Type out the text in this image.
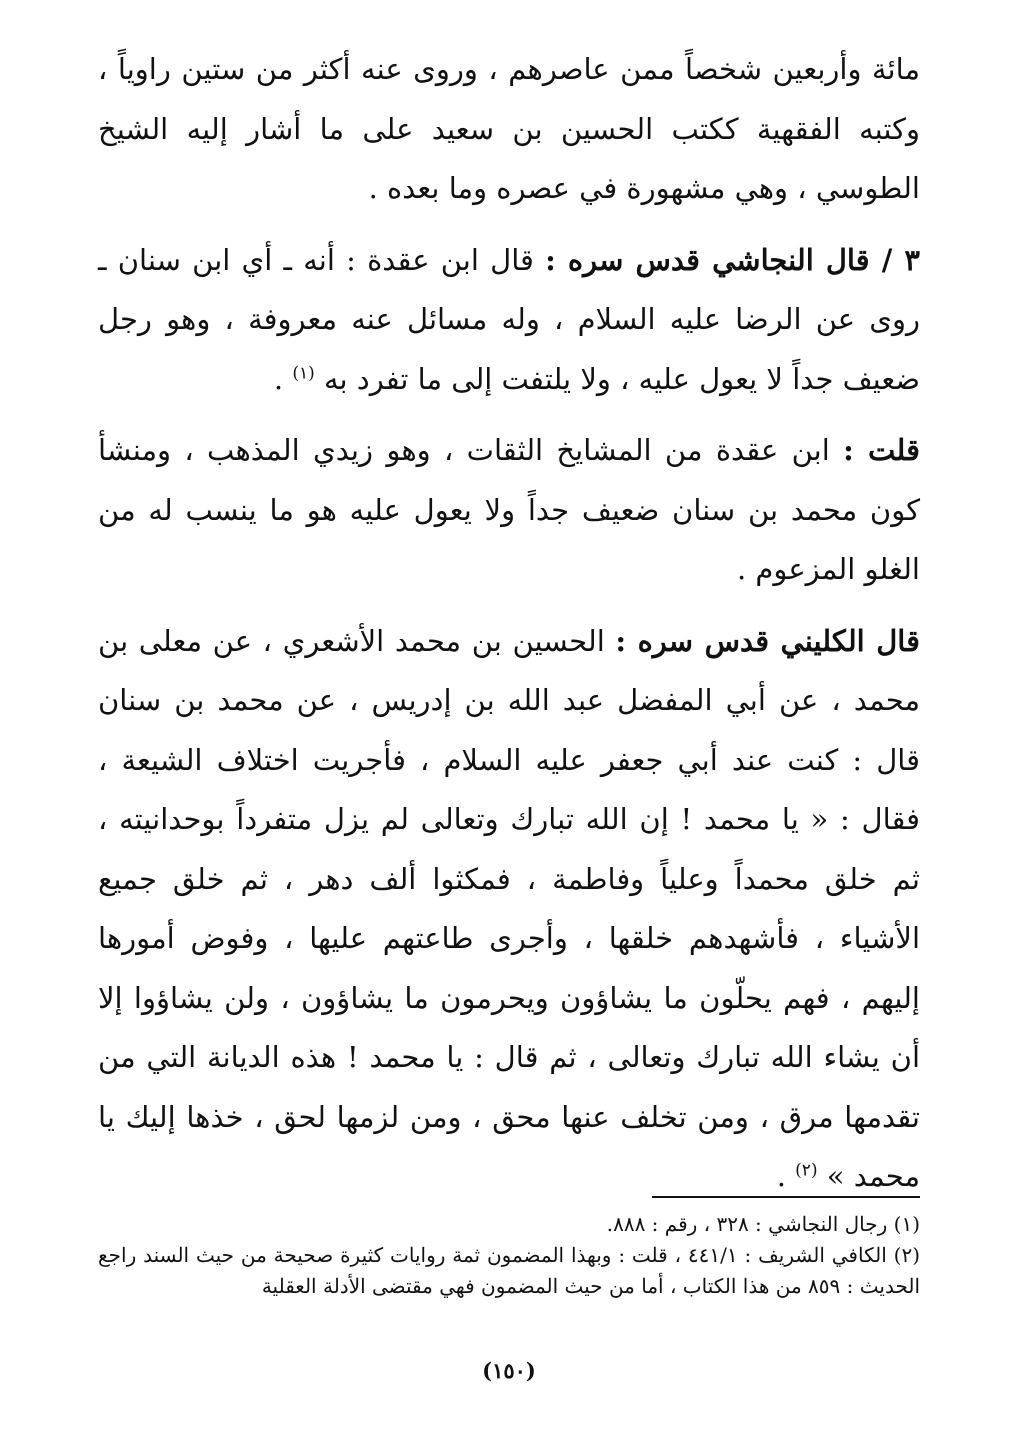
مائة وأربعين شخصاً ممن عاصرهم ، وروى عنه أكثر من ستين راوياً ، وكتبه الفقهية ككتب الحسين بن سعيد على ما أشار إليه الشيخ الطوسي ، وهي مشهورة في عصره وما بعده .

٣ / قال النجاشي قدس سره : قال ابن عقدة : أنه ـ أي ابن سنان ـ روى عن الرضا عليه السلام ، وله مسائل عنه معروفة ، وهو رجل ضعيف جداً لا يعول عليه ، ولا يلتفت إلى ما تفرد به $^{(١)}$ .

قلت : ابن عقدة من المشايخ الثقات ، وهو زيدي المذهب ، ومنشأ كون محمد بن سنان ضعيف جداً ولا يعول عليه هو ما ينسب له من الغلو المزعوم .

قال الكليني قدس سره : الحسين بن محمد الأشعري ، عن معلى بن محمد ، عن أبي المفضل عبد الله بن إدريس ، عن محمد بن سنان قال : كنت عند أبي جعفر عليه السلام ، فأجريت اختلاف الشيعة ، فقال : « يا محمد ! إن الله تبارك وتعالى لم يزل متفرداً بوحدانيته ، ثم خلق محمداً وعلياً وفاطمة ، فمكثوا ألف دهر ، ثم خلق جميع الأشياء ، فأشهدهم خلقها ، وأجرى طاعتهم عليها ، وفوض أمورها إليهم ، فهم يحلّون ما يشاؤون ويحرمون ما يشاؤون ، ولن يشاؤوا إلا أن يشاء الله تبارك وتعالى ، ثم قال : يا محمد ! هذه الديانة التي من تقدمها مرق ، ومن تخلف عنها محق ، ومن لزمها لحق ، خذها إليك يا محمد » $^{(٢)}$ .

(١) رجال النجاشي : ٣٢٨ ، رقم : ٨٨٨.

(٢) الكافي الشريف : ٤٤١/١ ، قلت : وبهذا المضمون ثمة روايات كثيرة صحيحة من حيث السند راجع الحديث : ٨٥٩ من هذا الكتاب ، أما من حيث المضمون فهي مقتضى الأدلة العقلية

(١٥٠)
